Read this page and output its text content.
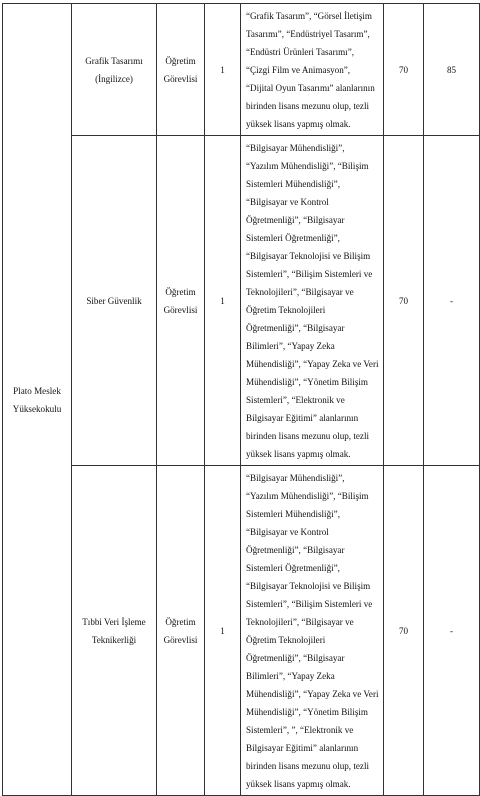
Plato Meslek Yüksekokulu	Grafik Tasarımı (İngilizce)	Öğretim Görevlisi	1	“Grafik Tasarım”, “Görsel İletişim Tasarımı”, “Endüstriyel Tasarım”, “Endüstri Ürünleri Tasarımı”, “Çizgi Film ve Animasyon”, “Dijital Oyun Tasarımı” alanlarının birinden lisans mezunu olup, tezli yüksek lisans yapmış olmak.	70	85
	Siber Güvenlik	Öğretim Görevlisi	1	“Bilgisayar Mühendisliği”, “Yazılım Mühendisliği”, “Bilişim Sistemleri Mühendisliği”, “Bilgisayar ve Kontrol Öğretmenliği”, “Bilgisayar Sistemleri Öğretmenliği”, “Bilgisayar Teknolojisi ve Bilişim Sistemleri”, “Bilişim Sistemleri ve Teknolojileri”, “Bilgisayar ve Öğretim Teknolojileri Öğretmenliği”, “Bilgisayar Bilimleri”, “Yapay Zeka Mühendisliği”, “Yapay Zeka ve Veri Mühendisliği”, “Yönetim Bilişim Sistemleri”, “Elektronik ve Bilgisayar Eğitimi” alanlarının birinden lisans mezunu olup, tezli yüksek lisans yapmış olmak.	70	-
	Tıbbi Veri İşleme Teknikerliği	Öğretim Görevlisi	1	“Bilgisayar Mühendisliği”, “Yazılım Mühendisliği”, “Bilişim Sistemleri Mühendisliği”, “Bilgisayar ve Kontrol Öğretmenliği”, “Bilgisayar Sistemleri Öğretmenliği”, “Bilgisayar Teknolojisi ve Bilişim Sistemleri”, “Bilişim Sistemleri ve Teknolojileri”, “Bilgisayar ve Öğretim Teknolojileri Öğretmenliği”, “Bilgisayar Bilimleri”, “Yapay Zeka Mühendisliği”, “Yapay Zeka ve Veri Mühendisliği”, “Yönetim Bilişim Sistemleri”, ”, “Elektronik ve Bilgisayar Eğitimi” alanlarının birinden lisans mezunu olup, tezli yüksek lisans yapmış olmak.	70	-
